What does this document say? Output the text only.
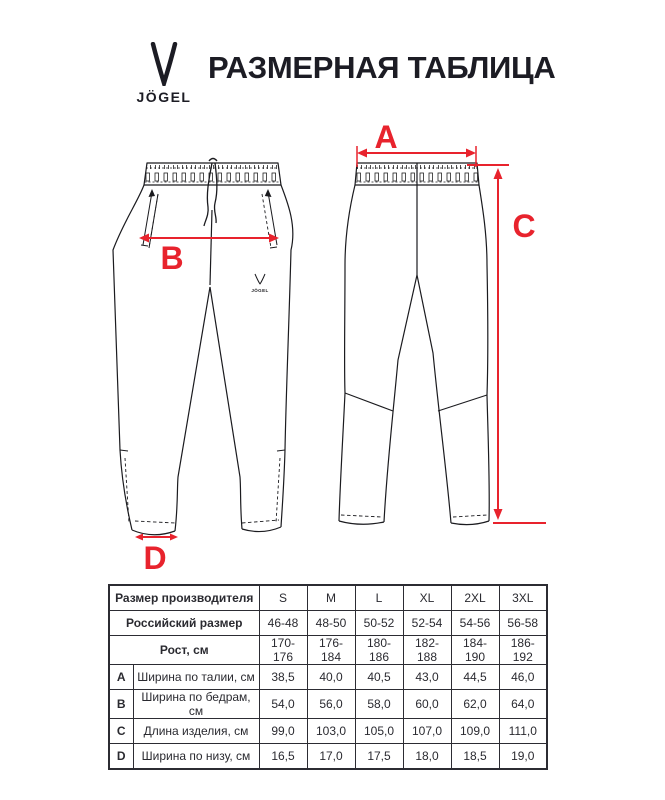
JÖGEL
РАЗМЕРНАЯ ТАБЛИЦА
JÖGEL
B
D
A
C
Размер производителя		S	M	L	XL	2XL	3XL
Российский размер		46-48	48-50	50-52	52-54	54-56	56-58
Рост, см		170-176	176-184	180-186	182-188	184-190	186-192
A	Ширина по талии, см	38,5	40,0	40,5	43,0	44,5	46,0
B	Ширина по бедрам, см	54,0	56,0	58,0	60,0	62,0	64,0
C	Длина изделия, см	99,0	103,0	105,0	107,0	109,0	111,0
D	Ширина по низу, см	16,5	17,0	17,5	18,0	18,5	19,0
